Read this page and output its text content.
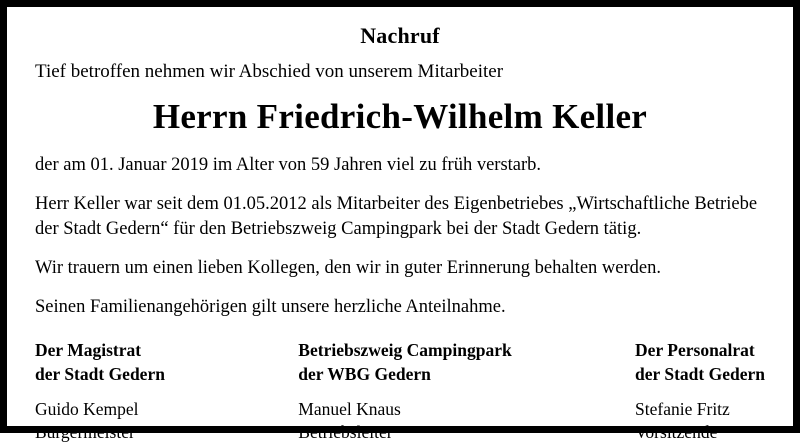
Nachruf
Tief betroffen nehmen wir Abschied von unserem Mitarbeiter
Herrn Friedrich-Wilhelm Keller
der am 01. Januar 2019 im Alter von 59 Jahren viel zu früh verstarb.
Herr Keller war seit dem 01.05.2012 als Mitarbeiter des Eigenbetriebes „Wirtschaftliche Betriebe der Stadt Gedern“ für den Betriebszweig Campingpark bei der Stadt Gedern tätig.
Wir trauern um einen lieben Kollegen, den wir in guter Erinnerung behalten werden.
Seinen Familienangehörigen gilt unsere herzliche Anteilnahme.
Der Magistrat
der Stadt Gedern
Guido Kempel
Bürgermeister
Betriebszweig Campingpark
der WBG Gedern
Manuel Knaus
Betriebsleiter
Der Personalrat
der Stadt Gedern
Stefanie Fritz
Vorsitzende
